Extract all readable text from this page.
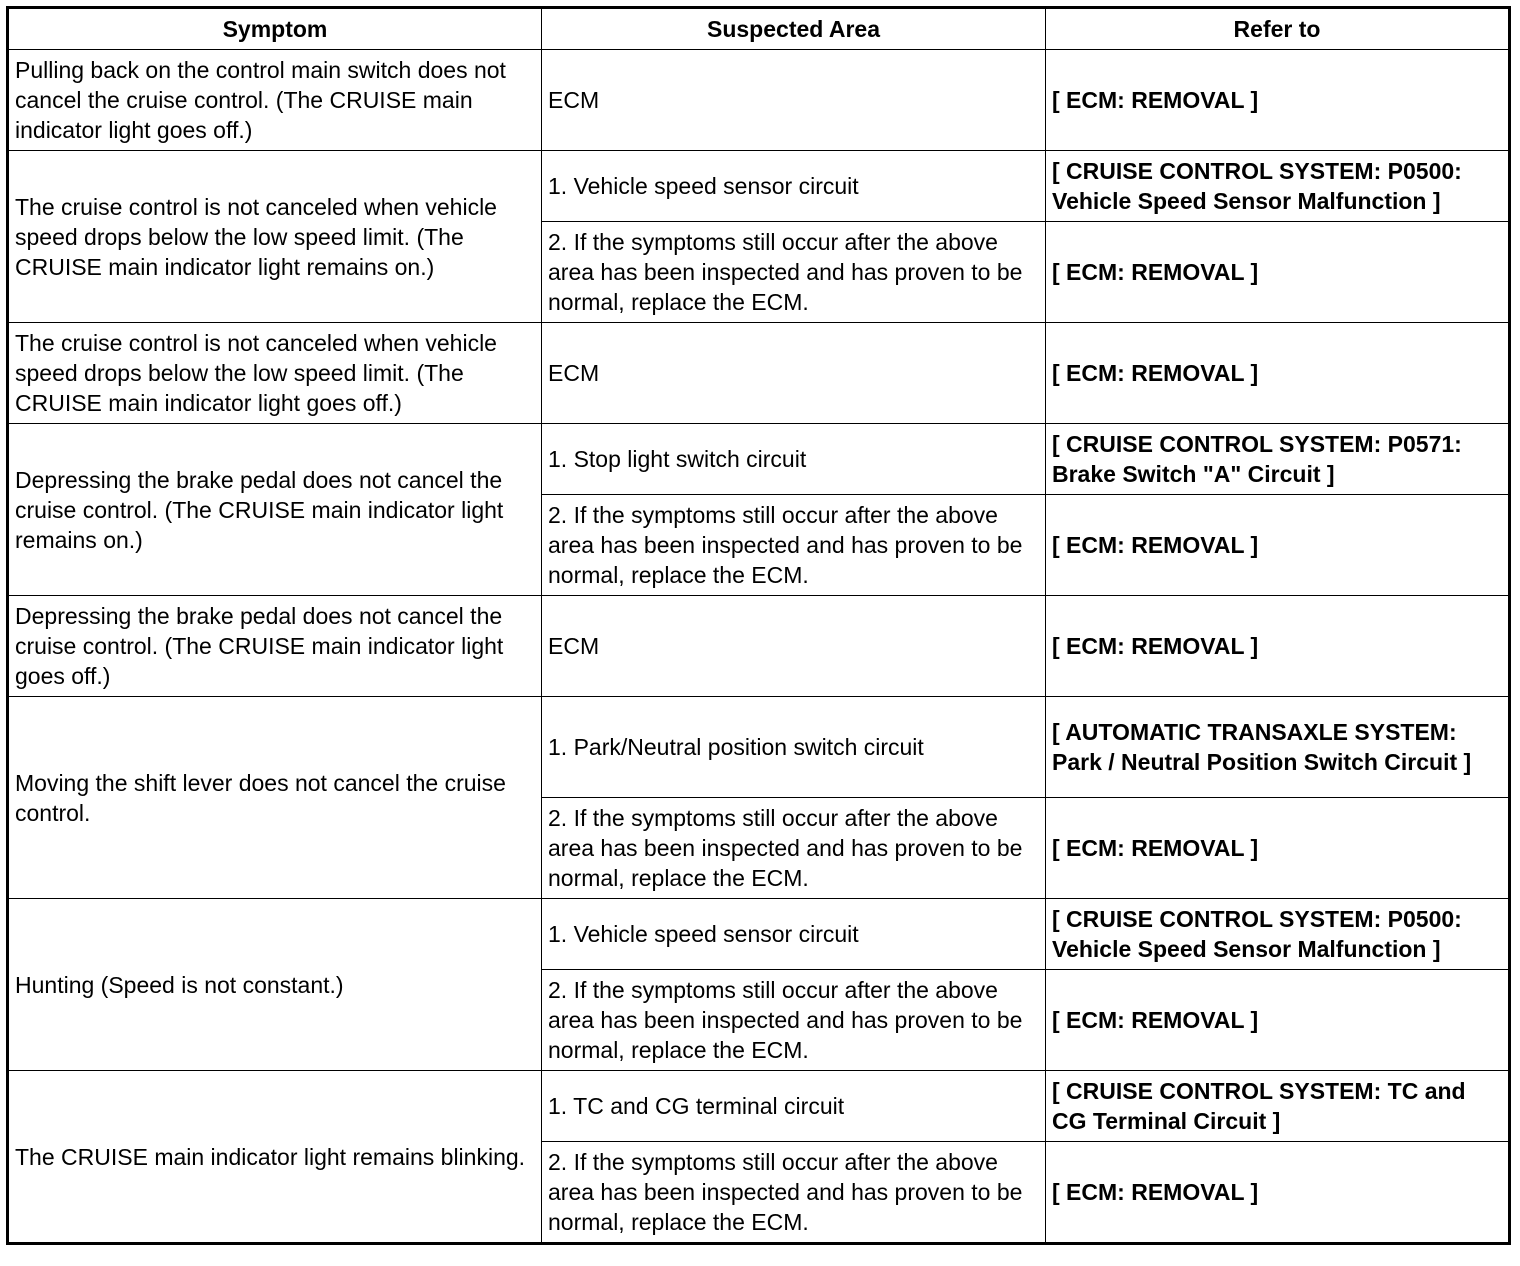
Symptom	Suspected Area	Refer to
Pulling back on the control main switch does not cancel the cruise control. (The CRUISE main indicator light goes off.)	ECM	[ ECM: REMOVAL ]
The cruise control is not canceled when vehicle speed drops below the low speed limit. (The CRUISE main indicator light remains on.)	1. Vehicle speed sensor circuit	[ CRUISE CONTROL SYSTEM: P0500: Vehicle Speed Sensor Malfunction ]
	2. If the symptoms still occur after the above area has been inspected and has proven to be normal, replace the ECM.	[ ECM: REMOVAL ]
The cruise control is not canceled when vehicle speed drops below the low speed limit. (The CRUISE main indicator light goes off.)	ECM	[ ECM: REMOVAL ]
Depressing the brake pedal does not cancel the cruise control. (The CRUISE main indicator light remains on.)	1. Stop light switch circuit	[ CRUISE CONTROL SYSTEM: P0571: Brake Switch "A" Circuit ]
	2. If the symptoms still occur after the above area has been inspected and has proven to be normal, replace the ECM.	[ ECM: REMOVAL ]
Depressing the brake pedal does not cancel the cruise control. (The CRUISE main indicator light goes off.)	ECM	[ ECM: REMOVAL ]
Moving the shift lever does not cancel the cruise control.	1. Park/Neutral position switch circuit	[ AUTOMATIC TRANSAXLE SYSTEM: Park / Neutral Position Switch Circuit ]
	2. If the symptoms still occur after the above area has been inspected and has proven to be normal, replace the ECM.	[ ECM: REMOVAL ]
Hunting (Speed is not constant.)	1. Vehicle speed sensor circuit	[ CRUISE CONTROL SYSTEM: P0500: Vehicle Speed Sensor Malfunction ]
	2. If the symptoms still occur after the above area has been inspected and has proven to be normal, replace the ECM.	[ ECM: REMOVAL ]
The CRUISE main indicator light remains blinking.	1. TC and CG terminal circuit	[ CRUISE CONTROL SYSTEM: TC and CG Terminal Circuit ]
	2. If the symptoms still occur after the above area has been inspected and has proven to be normal, replace the ECM.	[ ECM: REMOVAL ]
